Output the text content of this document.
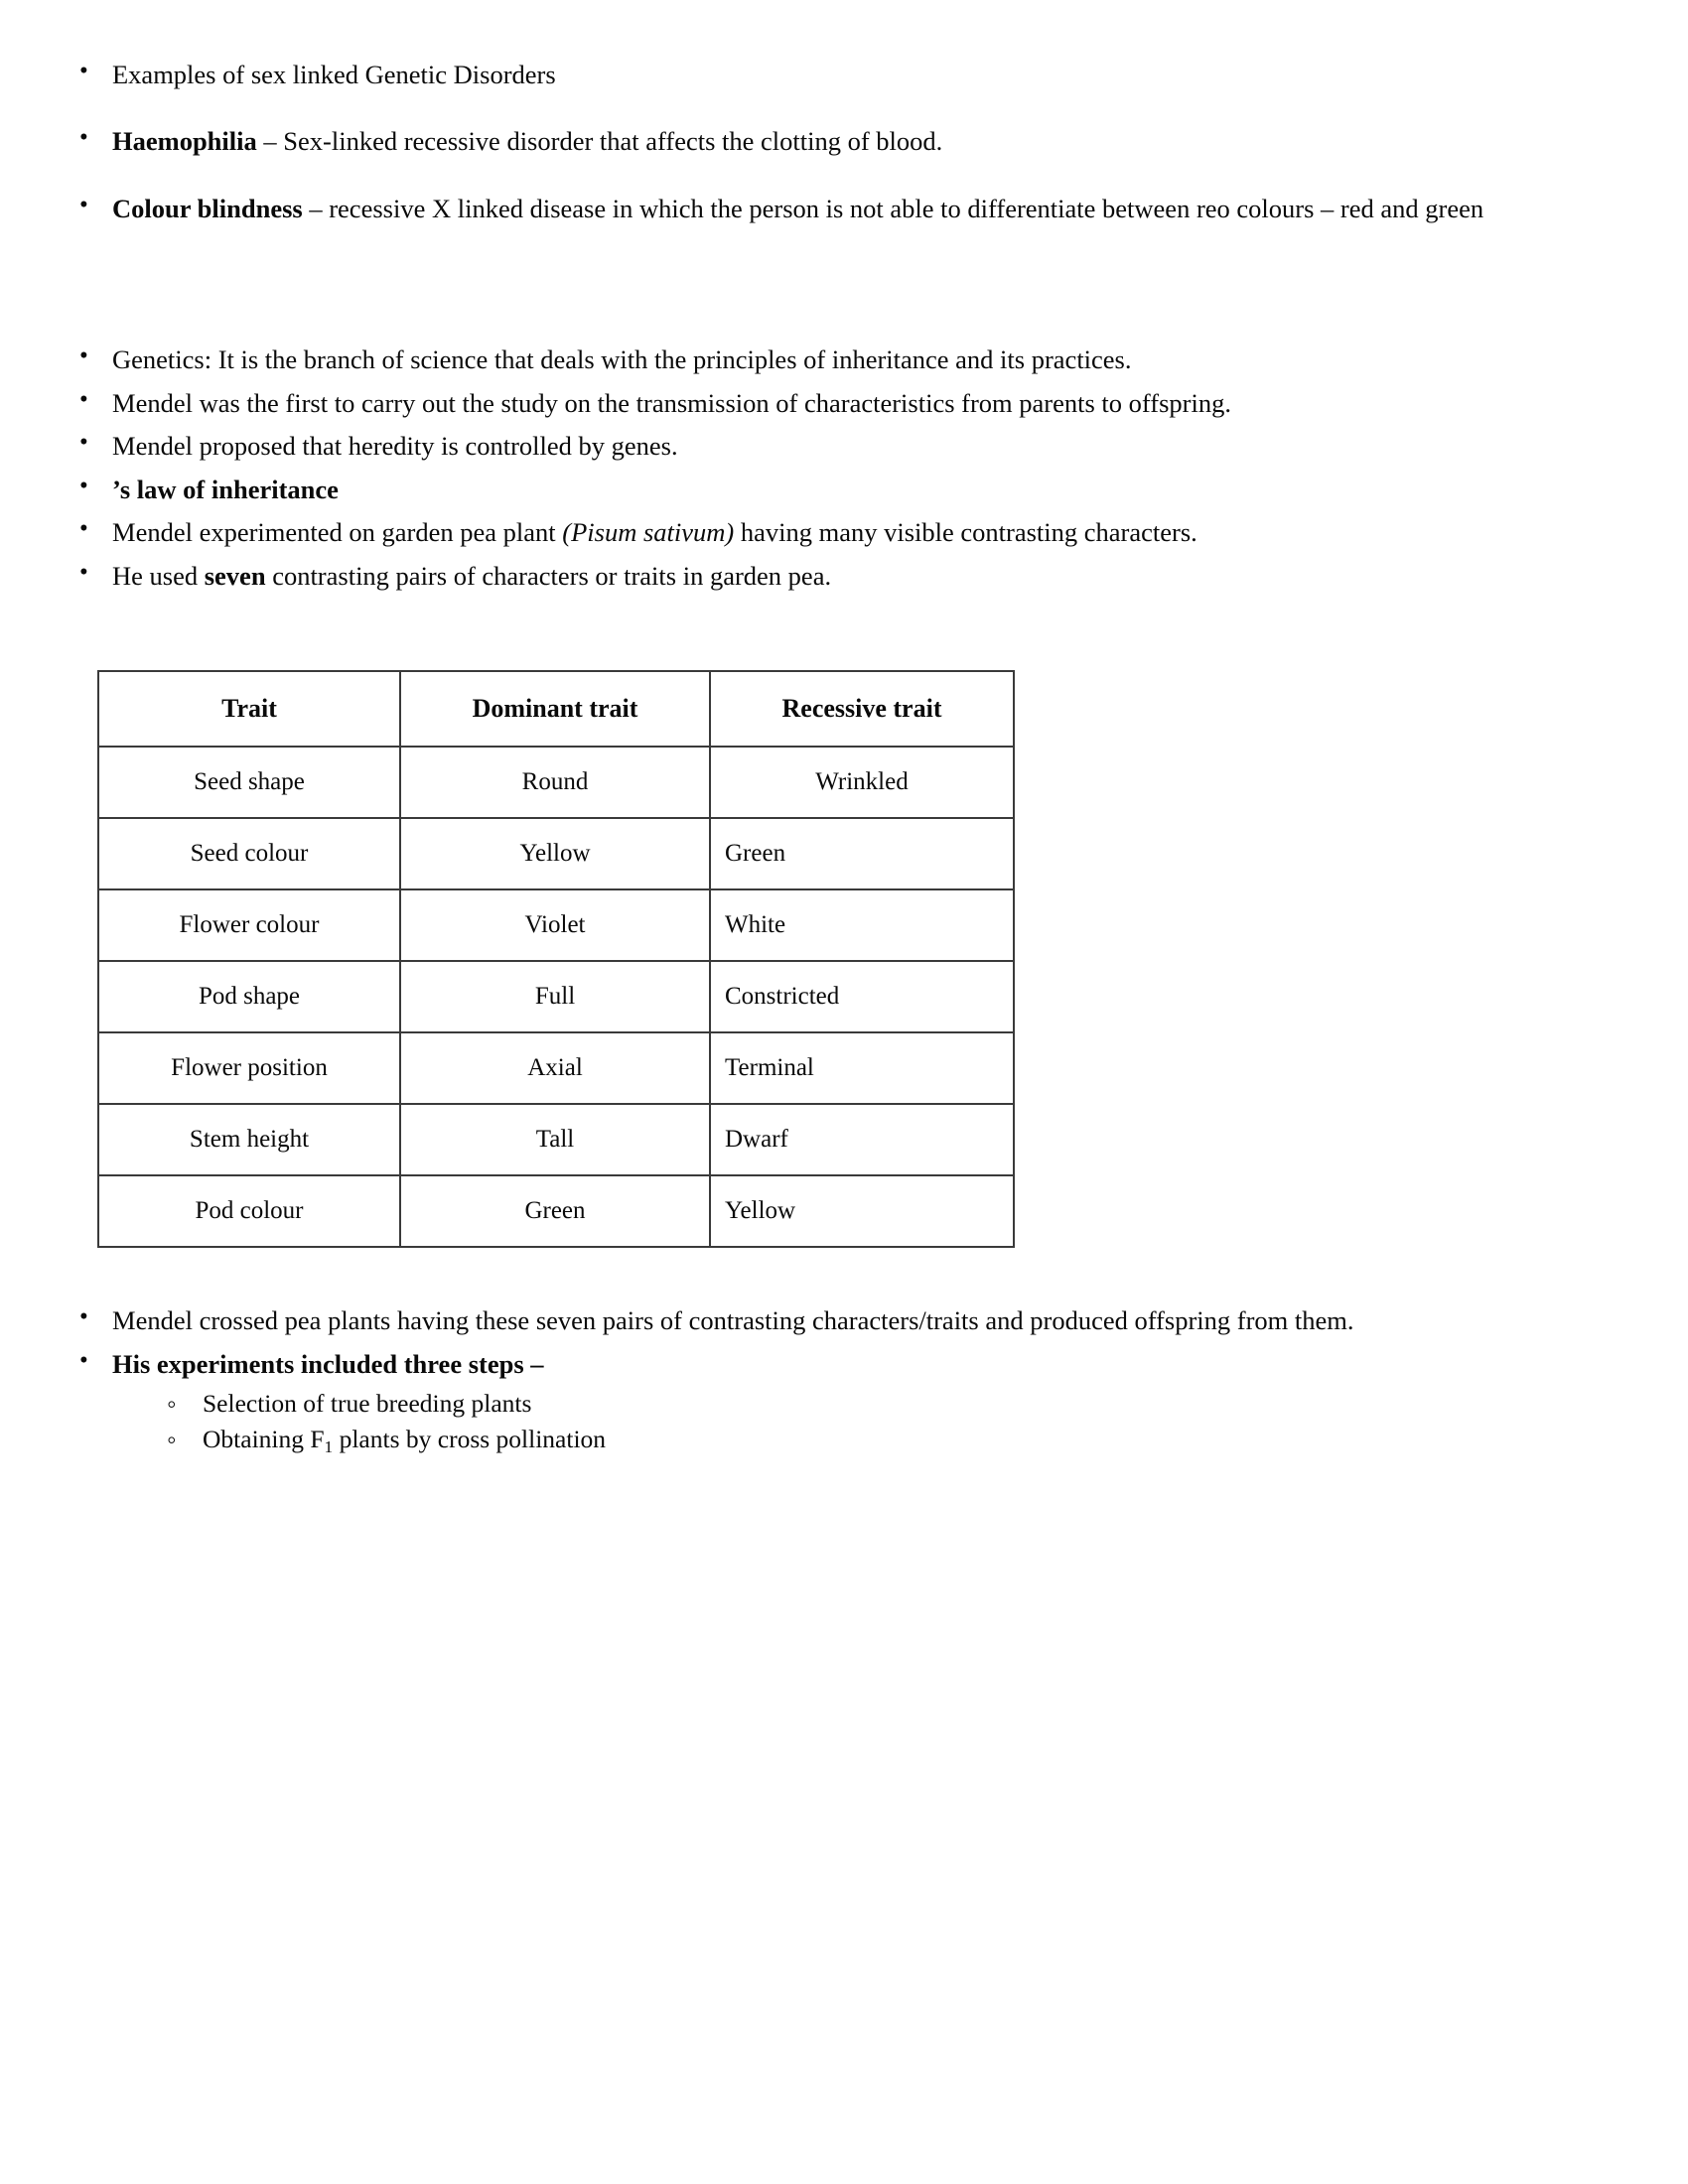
• Examples of sex linked Genetic Disorders
• Haemophilia – Sex-linked recessive disorder that affects the clotting of blood.
• Colour blindness – recessive X linked disease in which the person is not able to differentiate between reo colours – red and green
• Genetics: It is the branch of science that deals with the principles of inheritance and its practices.
• Mendel was the first to carry out the study on the transmission of characteristics from parents to offspring.
• Mendel proposed that heredity is controlled by genes.
• ’s law of inheritance
• Mendel experimented on garden pea plant (Pisum sativum) having many visible contrasting characters.
• He used seven contrasting pairs of characters or traits in garden pea.
Trait	Dominant trait	Recessive trait
Seed shape	Round	Wrinkled
Seed colour	Yellow	Green
Flower colour	Violet	White
Pod shape	Full	Constricted
Flower position	Axial	Terminal
Stem height	Tall	Dwarf
Pod colour	Green	Yellow
• Mendel crossed pea plants having these seven pairs of contrasting characters/traits and produced offspring from them.
• His experiments included three steps –
◦ Selection of true breeding plants
◦ Obtaining $F_1$ plants by cross pollination
